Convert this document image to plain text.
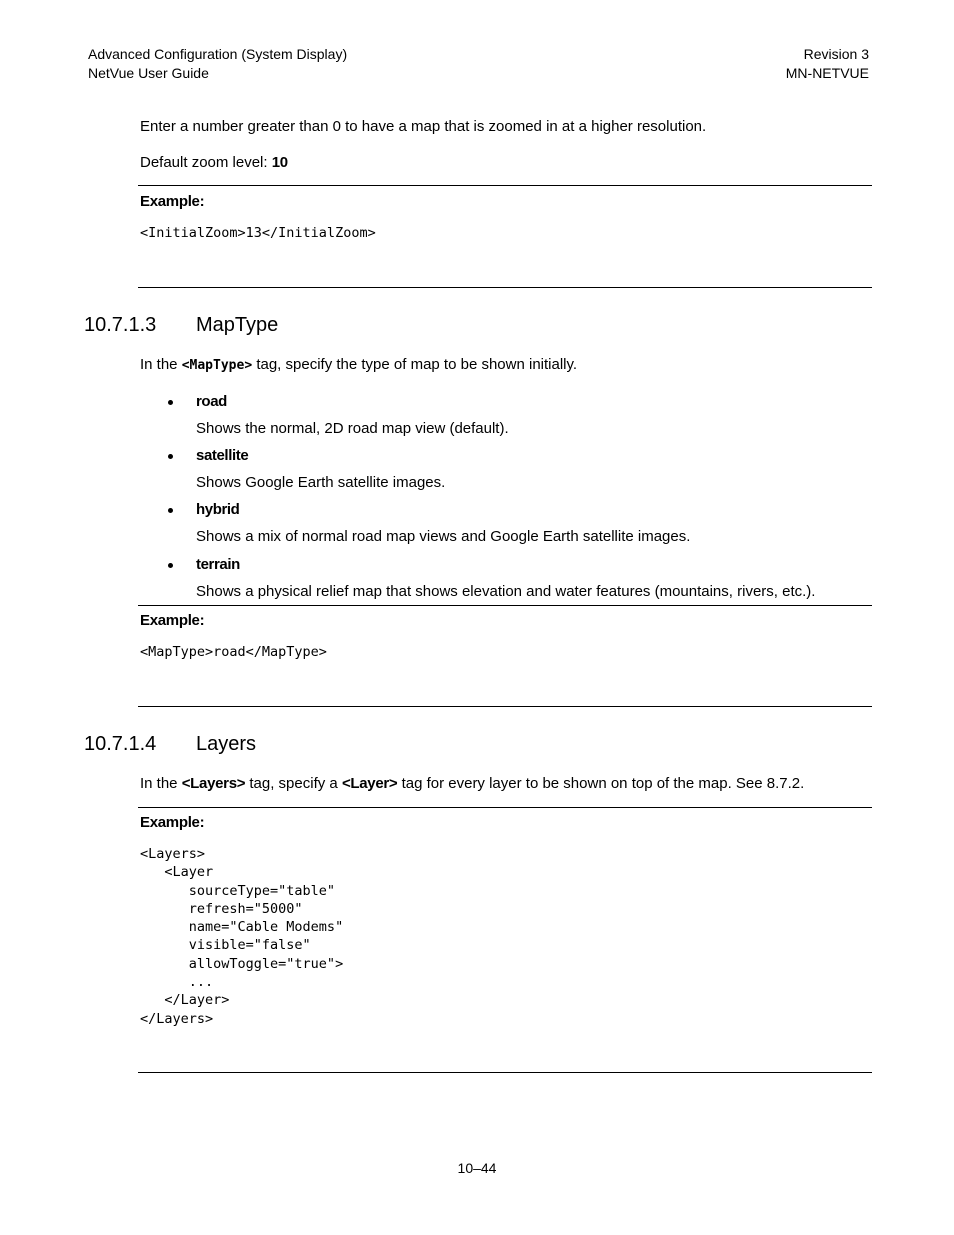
Advanced Configuration (System Display)
NetVue User Guide
Revision 3
MN-NETVUE
Enter a number greater than 0 to have a map that is zoomed in at a higher resolution.
Default zoom level: 10
Example:
<InitialZoom>13</InitialZoom>
10.7.1.3 MapType
In the <MapType> tag, specify the type of map to be shown initially.
road
Shows the normal, 2D road map view (default).
satellite
Shows Google Earth satellite images.
hybrid
Shows a mix of normal road map views and Google Earth satellite images.
terrain
Shows a physical relief map that shows elevation and water features (mountains, rivers, etc.).
Example:
<MapType>road</MapType>
10.7.1.4 Layers
In the <Layers> tag, specify a <Layer> tag for every layer to be shown on top of the map. See 8.7.2.
Example:
<Layers>
<Layer
sourceType="table"
refresh="5000"
name="Cable Modems"
visible="false"
allowToggle="true">
...
</Layer>
</Layers>
10–44
